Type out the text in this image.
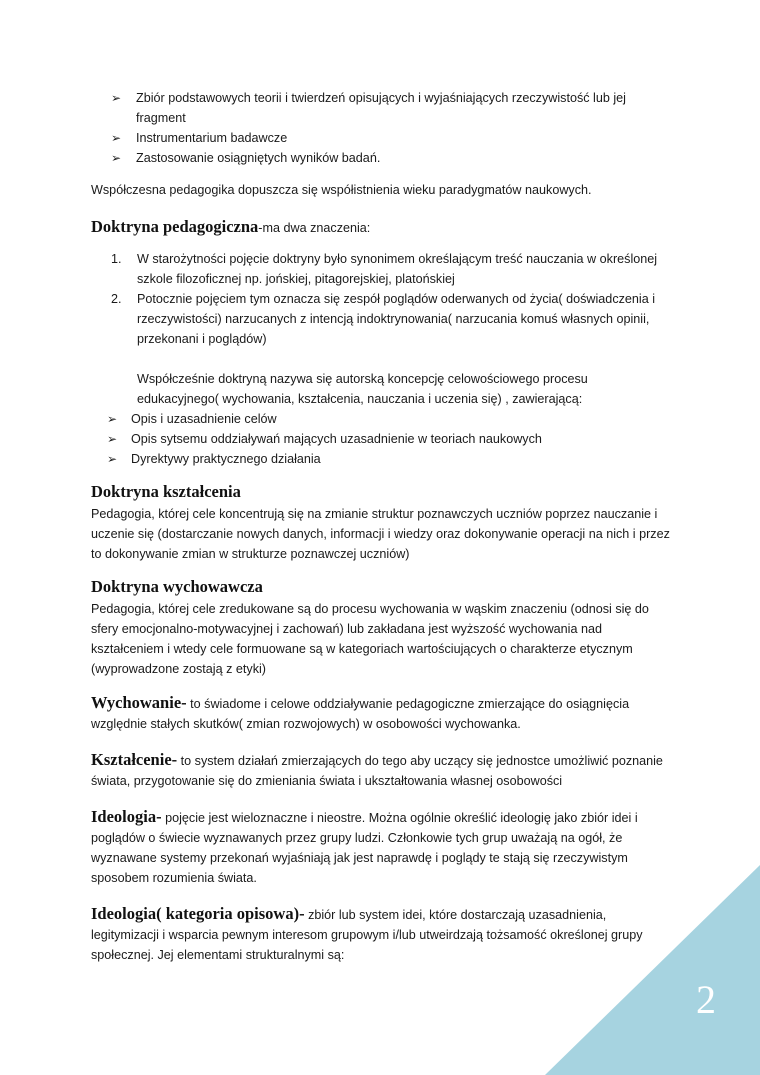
➢ Zbiór podstawowych teorii i twierdzeń opisujących i wyjaśniających rzeczywistość lub jej fragment
➢ Instrumentarium badawcze
➢ Zastosowanie osiągniętych wyników badań.

Współczesna pedagogika dopuszcza się współistnienia wieku paradygmatów naukowych.

Doktryna pedagogiczna-ma dwa znaczenia:

1. W starożytności pojęcie doktryny było synonimem określającym treść nauczania w określonej szkole filozoficznej np. jońskiej, pitagorejskiej, platońskiej
2. Potocznie pojęciem tym oznacza się zespół poglądów oderwanych od życia( doświadczenia i rzeczywistości) narzucanych z intencją indoktrynowania( narzucania komuś własnych opinii, przekonani i poglądów)

Współcześnie doktryną nazywa się autorską koncepcję celowościowego procesu edukacyjnego( wychowania, kształcenia, nauczania i uczenia się) , zawierającą:

➢ Opis i uzasadnienie celów
➢ Opis sytsemu oddziaływań mających uzasadnienie w teoriach naukowych
➢ Dyrektywy praktycznego działania

Doktryna kształcenia

Pedagogia, której cele koncentrują się na zmianie struktur poznawczych uczniów poprzez nauczanie i uczenie się (dostarczanie nowych danych, informacji i wiedzy oraz dokonywanie operacji na nich i przez to dokonywanie zmian w strukturze poznawczej uczniów)

Doktryna wychowawcza

Pedagogia, której cele zredukowane są do procesu wychowania w wąskim znaczeniu (odnosi się do sfery emocjonalno-motywacyjnej i zachowań) lub zakładana jest wyższość wychowania nad kształceniem i wtedy cele formuowane są w kategoriach wartościujących o charakterze etycznym (wyprowadzone zostają z etyki)

Wychowanie- to świadome i celowe oddziaływanie pedagogiczne zmierzające do osiągnięcia względnie stałych skutków( zmian rozwojowych) w osobowości wychowanka.

Kształcenie- to system działań zmierzających do tego aby uczący się jednostce umożliwić poznanie świata, przygotowanie się do zmieniania świata i ukształtowania własnej osobowości

Ideologia- pojęcie jest wieloznaczne i nieostre. Można ogólnie określić ideologię jako zbiór idei i poglądów o świecie wyznawanych przez grupy ludzi. Członkowie tych grup uważają na ogół, że wyznawane systemy przekonań wyjaśniają jak jest naprawdę i poglądy te stają się rzeczywistym sposobem rozumienia świata.

Ideologia( kategoria opisowa)- zbiór lub system idei, które dostarczają uzasadnienia, legitymizacji i wsparcia pewnym interesom grupowym i/lub utweirdzają tożsamość określonej grupy społecznej. Jej elementami strukturalnymi są:

2
